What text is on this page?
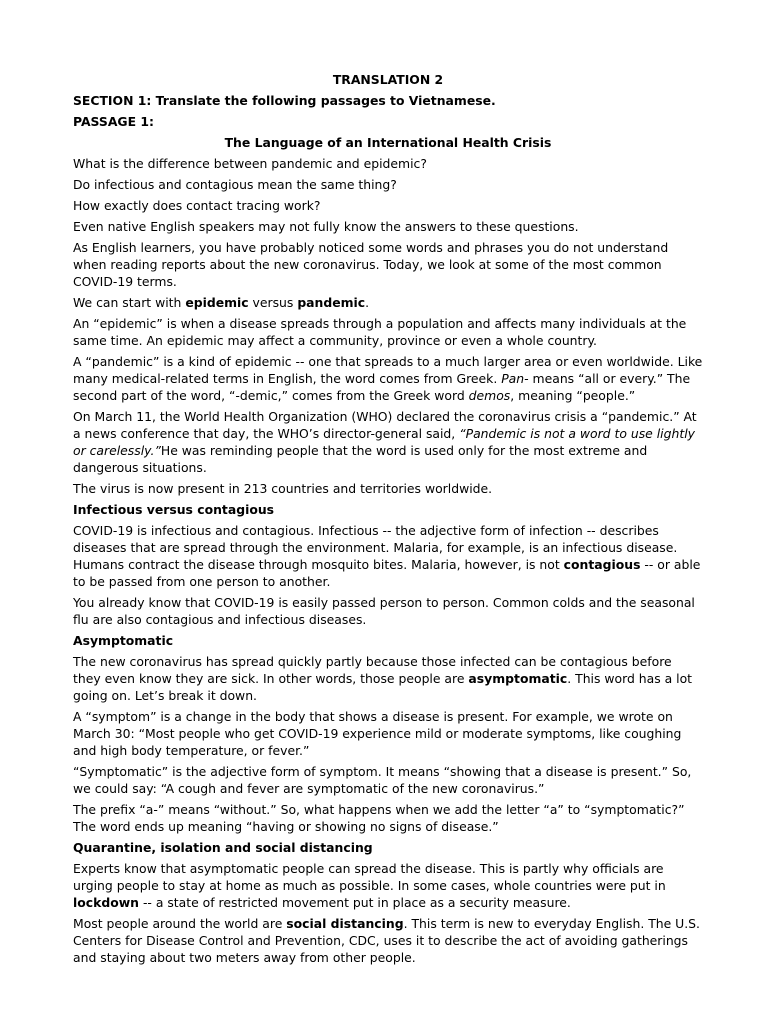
TRANSLATION 2

SECTION 1: Translate the following passages to Vietnamese.

PASSAGE 1:

The Language of an International Health Crisis

What is the difference between pandemic and epidemic?

Do infectious and contagious mean the same thing?

How exactly does contact tracing work?

Even native English speakers may not fully know the answers to these questions.

As English learners, you have probably noticed some words and phrases you do not understand when reading reports about the new coronavirus. Today, we look at some of the most common COVID-19 terms.

We can start with epidemic versus pandemic.

An “epidemic” is when a disease spreads through a population and affects many individuals at the same time. An epidemic may affect a community, province or even a whole country.

A “pandemic” is a kind of epidemic -- one that spreads to a much larger area or even worldwide. Like many medical-related terms in English, the word comes from Greek. Pan- means “all or every.” The second part of the word, “-demic,” comes from the Greek word demos, meaning “people.”

On March 11, the World Health Organization (WHO) declared the coronavirus crisis a “pandemic.” At a news conference that day, the WHO’s director-general said, “Pandemic is not a word to use lightly or carelessly.”He was reminding people that the word is used only for the most extreme and dangerous situations.

The virus is now present in 213 countries and territories worldwide.

Infectious versus contagious

COVID-19 is infectious and contagious. Infectious -- the adjective form of infection -- describes diseases that are spread through the environment. Malaria, for example, is an infectious disease. Humans contract the disease through mosquito bites. Malaria, however, is not contagious -- or able to be passed from one person to another.

You already know that COVID-19 is easily passed person to person. Common colds and the seasonal flu are also contagious and infectious diseases.

Asymptomatic

The new coronavirus has spread quickly partly because those infected can be contagious before they even know they are sick. In other words, those people are asymptomatic. This word has a lot going on. Let’s break it down.

A “symptom” is a change in the body that shows a disease is present. For example, we wrote on March 30: “Most people who get COVID-19 experience mild or moderate symptoms, like coughing and high body temperature, or fever.”

“Symptomatic” is the adjective form of symptom. It means “showing that a disease is present.” So, we could say: “A cough and fever are symptomatic of the new coronavirus.”

The prefix “a-” means “without.” So, what happens when we add the letter “a” to “symptomatic?” The word ends up meaning “having or showing no signs of disease.”

Quarantine, isolation and social distancing

Experts know that asymptomatic people can spread the disease. This is partly why officials are urging people to stay at home as much as possible. In some cases, whole countries were put in lockdown -- a state of restricted movement put in place as a security measure.

Most people around the world are social distancing. This term is new to everyday English. The U.S. Centers for Disease Control and Prevention, CDC, uses it to describe the act of avoiding gatherings and staying about two meters away from other people.
